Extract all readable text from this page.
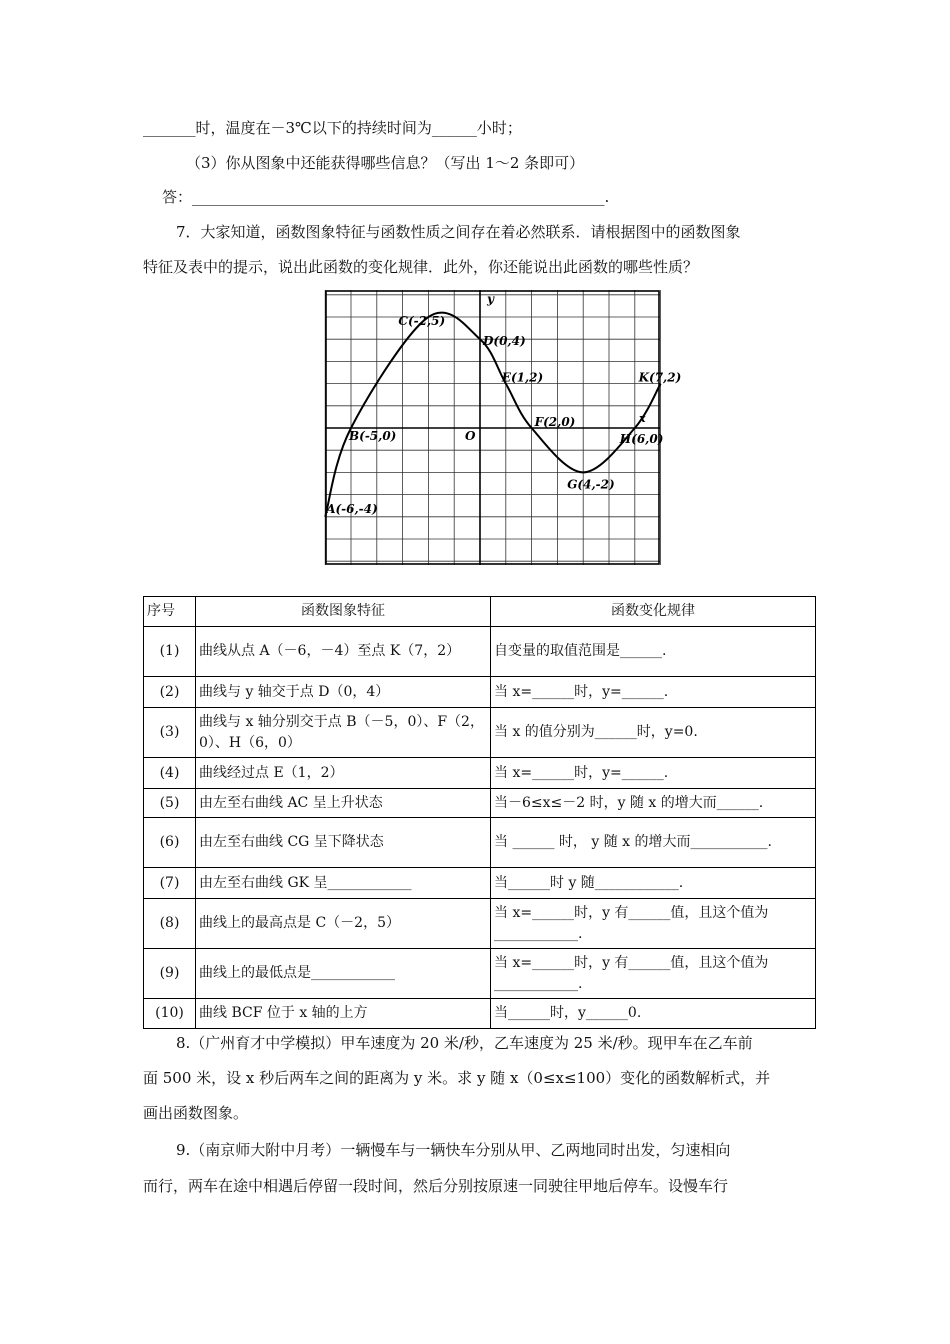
_______时，温度在－3℃以下的持续时间为______小时；
（3）你从图象中还能获得哪些信息？（写出 1～2 条即可）
答：_______________________________________________________.
7．大家知道，函数图象特征与函数性质之间存在着必然联系．请根据图中的函数图象
特征及表中的提示，说出此函数的变化规律．此外，你还能说出此函数的哪些性质？
A(-6,-4)
B(-5,0)
C(-2,5)
D(0,4)
E(1,2)
F(2,0)
G(4,-2)
H(6,0)
K(7,2)
y
x
O
序号	函数图象特征	函数变化规律
(1)	曲线从点 A（－6，－4）至点 K（7，2）	自变量的取值范围是______.
(2)	曲线与 y 轴交于点 D（0，4）	当 x=______时，y=______.
(3)	曲线与 x 轴分别交于点 B（－5，0）、F（2，0）、H（6，0）	当 x 的值分别为______时，y=0.
(4)	曲线经过点 E（1，2）	当 x=______时，y=______.
(5)	由左至右曲线 AC 呈上升状态	当－6≤x≤－2 时，y 随 x 的增大而______.
(6)	由左至右曲线 CG 呈下降状态	当 ______ 时， y 随 x 的增大而___________.
(7)	由左至右曲线 GK 呈____________	当______时 y 随____________.
(8)	曲线上的最高点是 C（－2，5）	当 x=______时，y 有______值，且这个值为____________.
(9)	曲线上的最低点是____________	当 x=______时，y 有______值，且这个值为____________.
(10)	曲线 BCF 位于 x 轴的上方	当______时，y______0.
8.（广州育才中学模拟）甲车速度为 20 米/秒，乙车速度为 25 米/秒。现甲车在乙车前
面 500 米，设 x 秒后两车之间的距离为 y 米。求 y 随 x（0≤x≤100）变化的函数解析式，并
画出函数图象。
9.（南京师大附中月考）一辆慢车与一辆快车分别从甲、乙两地同时出发，匀速相向
而行，两车在途中相遇后停留一段时间，然后分别按原速一同驶往甲地后停车。设慢车行
